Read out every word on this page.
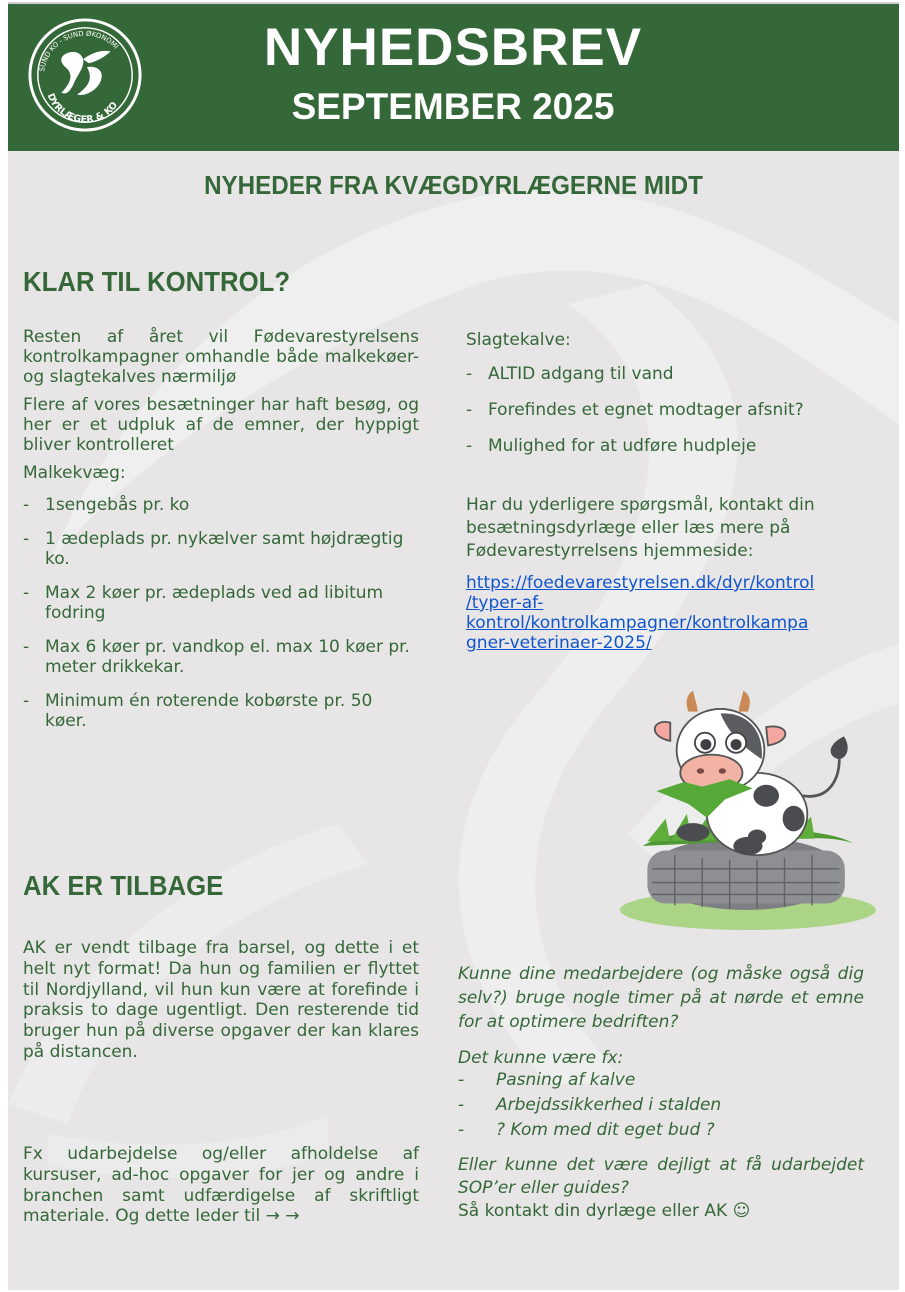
SUND KO - SUND ØKONOMI
DYRLÆGER & KO
NYHEDSBREV
SEPTEMBER 2025
NYHEDER FRA KVÆGDYRLÆGERNE MIDT
KLAR TIL KONTROL?

Resten af året vil Fødevarestyrelsens kontrolkampagner omhandle både malkekøer- og slagtekalves nærmiljø

Flere af vores besætninger har haft besøg, og her er et udpluk af de emner, der hyppigt bliver kontrolleret

Malkekvæg:

- 1sengebås pr. ko

- 1 ædeplads pr. nykælver samt højdrægtig ko.

- Max 2 køer pr. ædeplads ved ad libitum fodring

- Max 6 køer pr. vandkop el. max 10 køer pr. meter drikkekar.

- Minimum én roterende kobørste pr. 50 køer.

Slagtekalve:

- ALTID adgang til vand

- Forefindes et egnet modtager afsnit?

- Mulighed for at udføre hudpleje

Har du yderligere spørgsmål, kontakt din besætningsdyrlæge eller læs mere på Fødevarestyrrelsens hjemmeside:

https://foedevarestyrelsen.dk/dyr/kontrol
/typer-af-
kontrol/kontrolkampagner/kontrolkampa
gner-veterinaer-2025/
AK ER TILBAGE
AK er vendt tilbage fra barsel, og dette i et helt nyt format! Da hun og familien er flyttet til Nordjylland, vil hun kun være at forefinde i praksis to dage ugentligt. Den resterende tid bruger hun på diverse opgaver der kan klares på distancen.
Fx udarbejdelse og/eller afholdelse af kursuser, ad-hoc opgaver for jer og andre i branchen samt udfærdigelse af skriftligt materiale. Og dette leder til → →

Kunne dine medarbejdere (og måske også dig selv?) bruge nogle timer på at nørde et emne for at optimere bedriften?

Det kunne være fx:

- Pasning af kalve

- Arbejdssikkerhed i stalden

- ? Kom med dit eget bud ?

Eller kunne det være dejligt at få udarbejdet SOP’er eller guides?

Så kontakt din dyrlæge eller AK ☺
